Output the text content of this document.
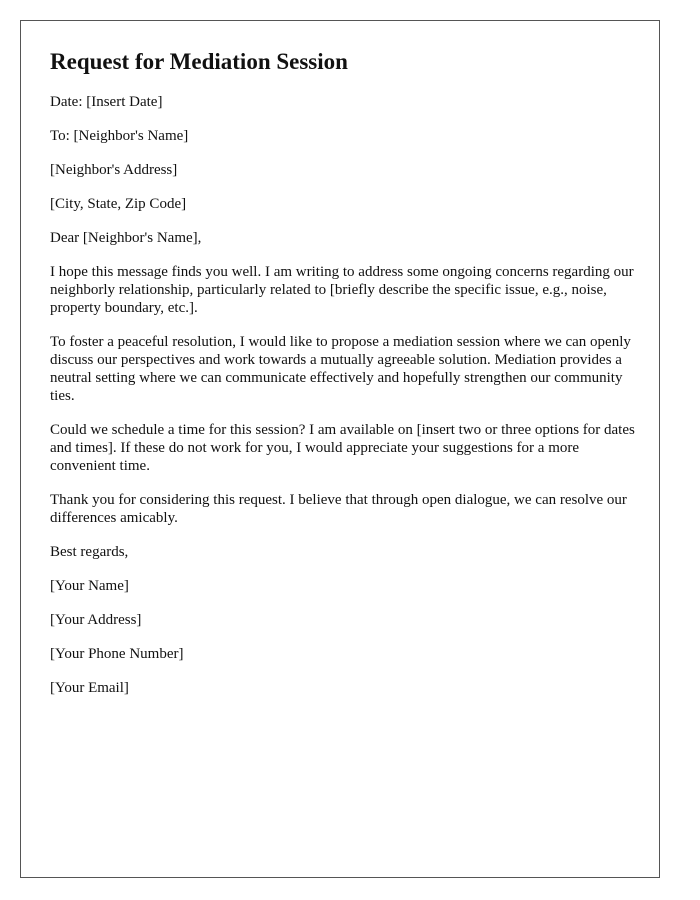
Request for Mediation Session
Date: [Insert Date]
To: [Neighbor's Name]
[Neighbor's Address]
[City, State, Zip Code]
Dear [Neighbor's Name],

I hope this message finds you well. I am writing to address some ongoing concerns regarding our neighborly relationship, particularly related to [briefly describe the specific issue, e.g., noise, property boundary, etc.].

To foster a peaceful resolution, I would like to propose a mediation session where we can openly discuss our perspectives and work towards a mutually agreeable solution. Mediation provides a neutral setting where we can communicate effectively and hopefully strengthen our community ties.

Could we schedule a time for this session? I am available on [insert two or three options for dates and times]. If these do not work for you, I would appreciate your suggestions for a more convenient time.

Thank you for considering this request. I believe that through open dialogue, we can resolve our differences amicably.

Best regards,
[Your Name]
[Your Address]
[Your Phone Number]
[Your Email]
